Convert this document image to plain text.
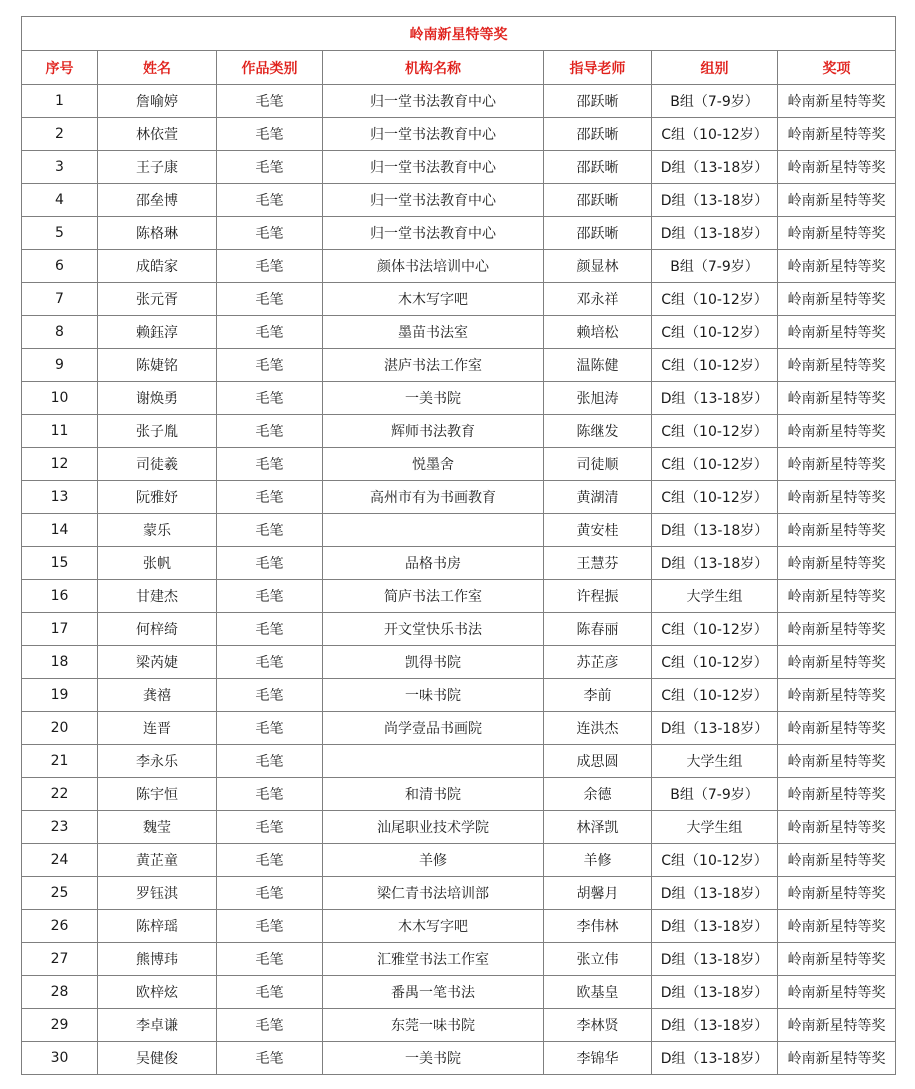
岭南新星特等奖						
序号	姓名	作品类别	机构名称	指导老师	组别	奖项
1	詹喻婷	毛笔	归一堂书法教育中心	邵跃晰	B组（7-9岁）	岭南新星特等奖
2	林依萱	毛笔	归一堂书法教育中心	邵跃晰	C组（10-12岁）	岭南新星特等奖
3	王子康	毛笔	归一堂书法教育中心	邵跃晰	D组（13-18岁）	岭南新星特等奖
4	邵垒博	毛笔	归一堂书法教育中心	邵跃晰	D组（13-18岁）	岭南新星特等奖
5	陈格琳	毛笔	归一堂书法教育中心	邵跃晰	D组（13-18岁）	岭南新星特等奖
6	成皓家	毛笔	颜体书法培训中心	颜显林	B组（7-9岁）	岭南新星特等奖
7	张元胥	毛笔	木木写字吧	邓永祥	C组（10-12岁）	岭南新星特等奖
8	赖鈺淳	毛笔	墨苗书法室	赖培松	C组（10-12岁）	岭南新星特等奖
9	陈婕铭	毛笔	湛庐书法工作室	温陈健	C组（10-12岁）	岭南新星特等奖
10	谢焕勇	毛笔	一美书院	张旭涛	D组（13-18岁）	岭南新星特等奖
11	张子胤	毛笔	辉师书法教育	陈继发	C组（10-12岁）	岭南新星特等奖
12	司徒羲	毛笔	悦墨舍	司徒顺	C组（10-12岁）	岭南新星特等奖
13	阮雅妤	毛笔	高州市有为书画教育	黄湖清	C组（10-12岁）	岭南新星特等奖
14	蒙乐	毛笔		黄安桂	D组（13-18岁）	岭南新星特等奖
15	张帆	毛笔	品格书房	王慧芬	D组（13-18岁）	岭南新星特等奖
16	甘建杰	毛笔	简庐书法工作室	许程振	大学生组	岭南新星特等奖
17	何梓绮	毛笔	开文堂快乐书法	陈春丽	C组（10-12岁）	岭南新星特等奖
18	梁芮婕	毛笔	凯得书院	苏芷彦	C组（10-12岁）	岭南新星特等奖
19	龚禧	毛笔	一味书院	李前	C组（10-12岁）	岭南新星特等奖
20	连晋	毛笔	尚学壹品书画院	连洪杰	D组（13-18岁）	岭南新星特等奖
21	李永乐	毛笔		成思圆	大学生组	岭南新星特等奖
22	陈宇恒	毛笔	和清书院	余德	B组（7-9岁）	岭南新星特等奖
23	魏莹	毛笔	汕尾职业技术学院	林泽凯	大学生组	岭南新星特等奖
24	黄芷童	毛笔	羊修	羊修	C组（10-12岁）	岭南新星特等奖
25	罗钰淇	毛笔	梁仁青书法培训部	胡馨月	D组（13-18岁）	岭南新星特等奖
26	陈梓瑶	毛笔	木木写字吧	李伟林	D组（13-18岁）	岭南新星特等奖
27	熊博玮	毛笔	汇雅堂书法工作室	张立伟	D组（13-18岁）	岭南新星特等奖
28	欧梓炫	毛笔	番禺一笔书法	欧基皇	D组（13-18岁）	岭南新星特等奖
29	李卓谦	毛笔	东莞一味书院	李林贤	D组（13-18岁）	岭南新星特等奖
30	吴健俊	毛笔	一美书院	李锦华	D组（13-18岁）	岭南新星特等奖
